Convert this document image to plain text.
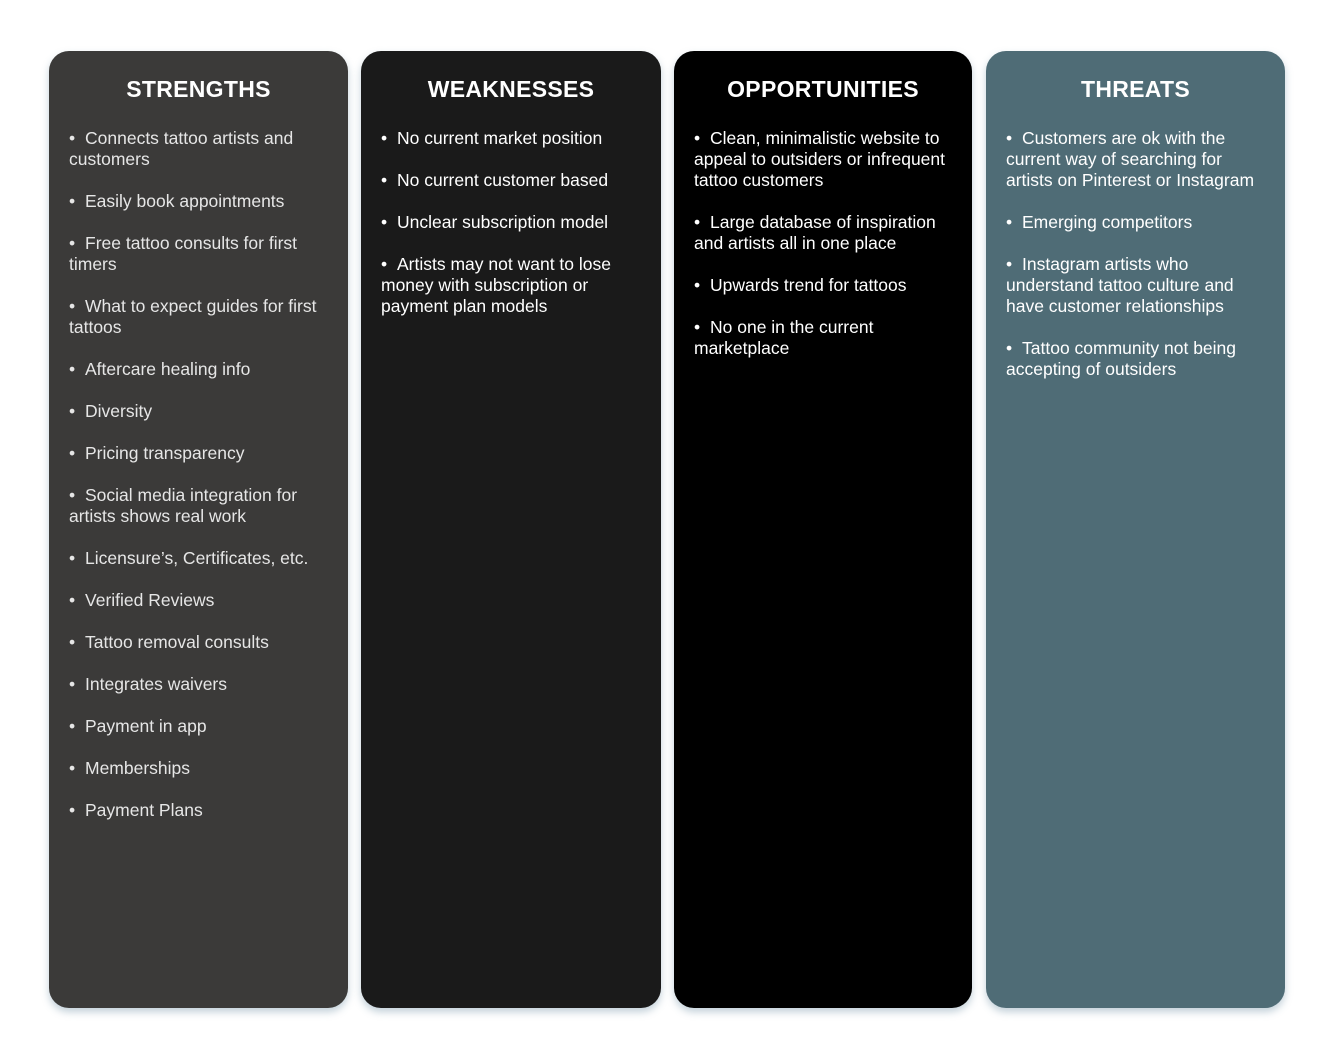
STRENGTHS
• Connects tattoo artists and customers
• Easily book appointments
• Free tattoo consults for first timers
• What to expect guides for first tattoos
• Aftercare healing info
• Diversity
• Pricing transparency
• Social media integration for artists shows real work
• Licensure’s, Certificates, etc.
• Verified Reviews
• Tattoo removal consults
• Integrates waivers
• Payment in app
• Memberships
• Payment Plans
WEAKNESSES
• No current market position
• No current customer based
• Unclear subscription model
• Artists may not want to lose money with subscription or payment plan models
OPPORTUNITIES
• Clean, minimalistic website to appeal to outsiders or infrequent tattoo customers
• Large database of inspiration and artists all in one place
• Upwards trend for tattoos
• No one in the current marketplace
THREATS
• Customers are ok with the current way of searching for artists on Pinterest or Instagram
• Emerging competitors
• Instagram artists who understand tattoo culture and have customer relationships
• Tattoo community not being accepting of outsiders
